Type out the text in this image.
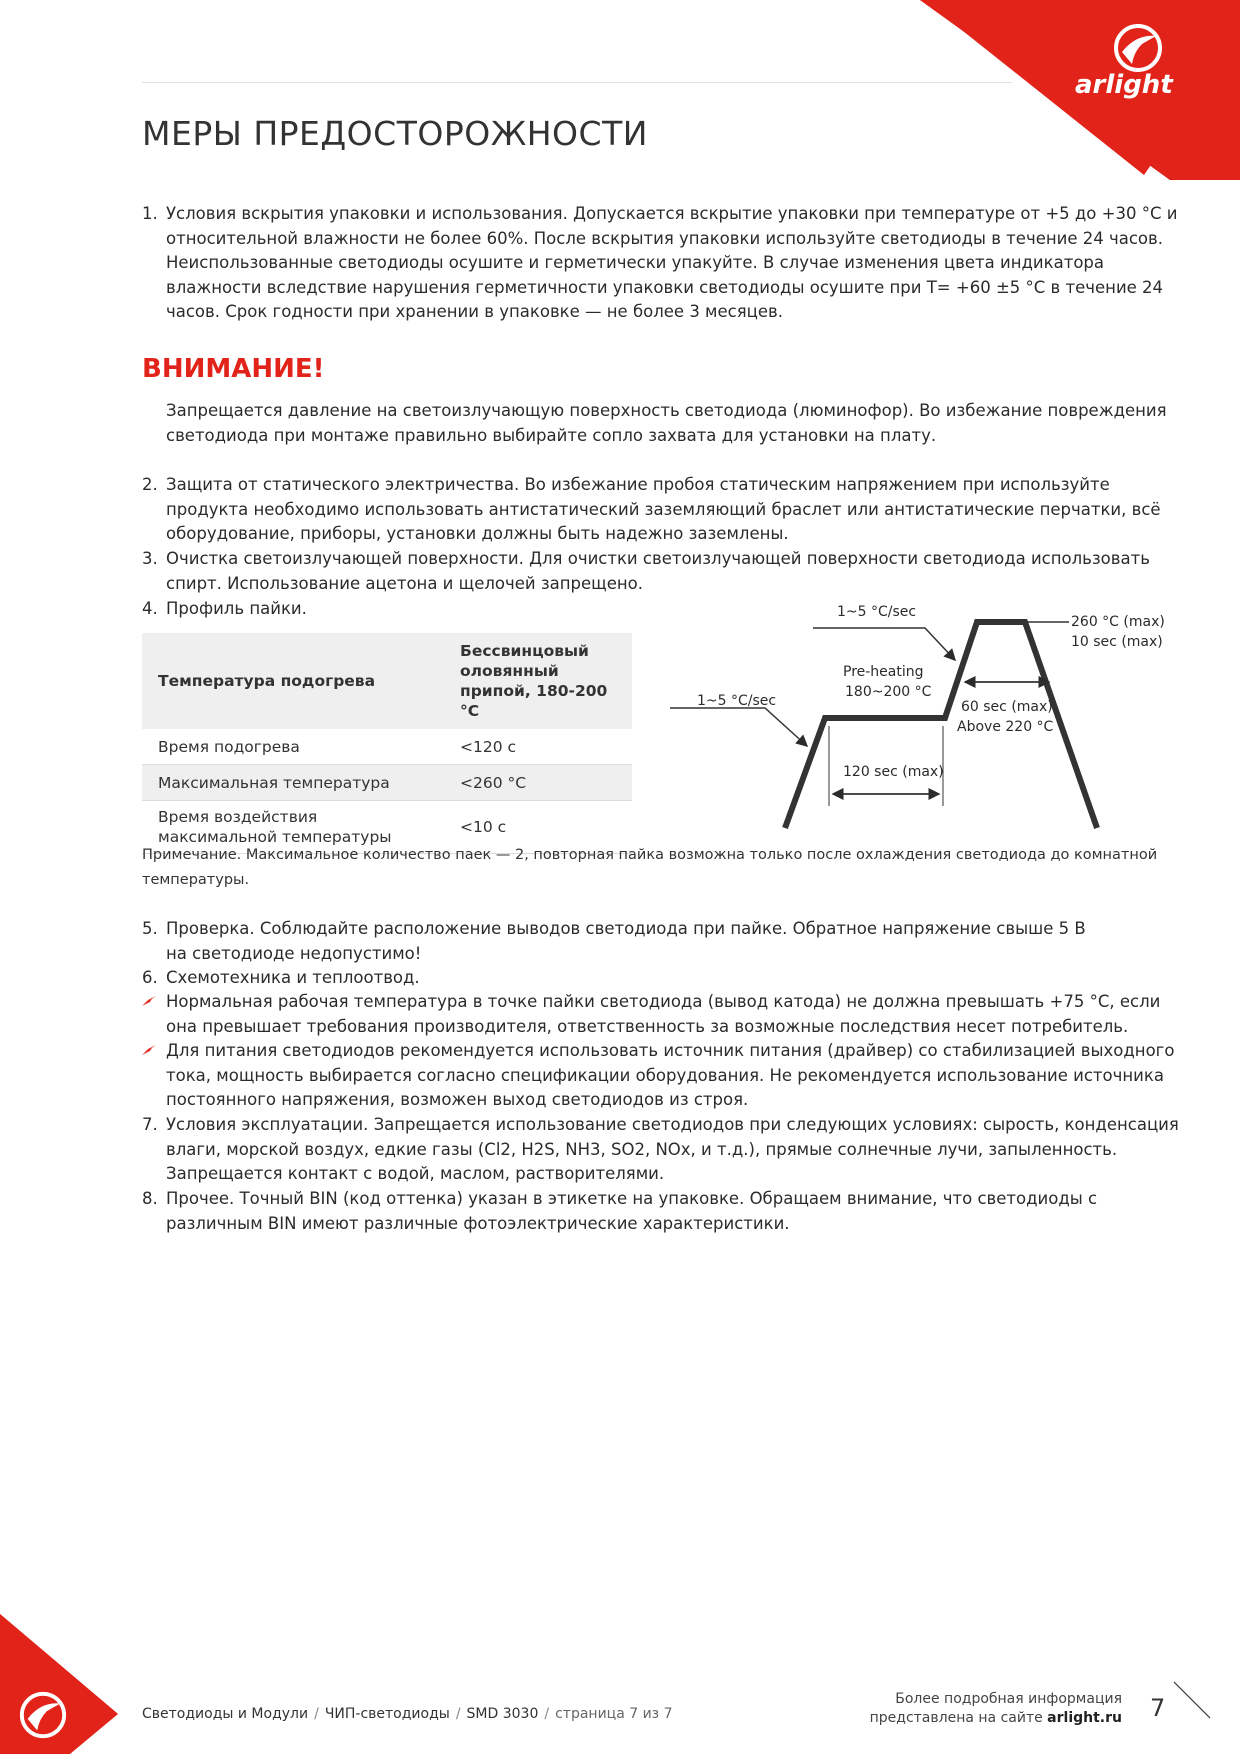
arlight
МЕРЫ ПРЕДОСТОРОЖНОСТИ
1. Условия вскрытия упаковки и использования. Допускается вскрытие упаковки при температуре от +5 до +30 °С и относительной влажности не более 60%. После вскрытия упаковки используйте светодиоды в течение 24 часов. Неиспользованные светодиоды осушите и герметически упакуйте. В случае изменения цвета индикатора влажности вследствие нарушения герметичности упаковки светодиоды осушите при T= +60 ±5 °С в течение 24 часов. Срок годности при хранении в упаковке — не более 3 месяцев.
ВНИМАНИЕ!
Запрещается давление на светоизлучающую поверхность светодиода (люминофор). Во избежание повреждения светодиода при монтаже правильно выбирайте сопло захвата для установки на плату.
2. Защита от статического электричества. Во избежание пробоя статическим напряжением при используйте продукта необходимо использовать антистатический заземляющий браслет или антистатические перчатки, всё оборудование, приборы, установки должны быть надежно заземлены.
3. Очистка светоизлучающей поверхности. Для очистки светоизлучающей поверхности светодиода использовать спирт. Использование ацетона и щелочей запрещено.
4. Профиль пайки.
Температура подогрева	Бессвинцовый оловянный припой, 180-200 °С
Время подогрева	<120 с
Максимальная температура	<260 °С
Время воздействия максимальной температуры	<10 с
1~5 °C/sec
1~5 °C/sec
Pre-heating
180~200 °C
120 sec (max)
60 sec (max)
Above 220 °C
260 °C (max)
10 sec (max)
Примечание. Максимальное количество паек — 2, повторная пайка возможна только после охлаждения светодиода до комнатной температуры.
5. Проверка. Соблюдайте расположение выводов светодиода при пайке. Обратное напряжение свыше 5 В на светодиоде недопустимо!
6. Схемотехника и теплоотвод.
Нормальная рабочая температура в точке пайки светодиода (вывод катода) не должна превышать +75 °С, если она превышает требования производителя, ответственность за возможные последствия несет потребитель.
Для питания светодиодов рекомендуется использовать источник питания (драйвер) со стабилизацией выходного тока, мощность выбирается согласно спецификации оборудования. Не рекомендуется использование источника постоянного напряжения, возможен выход светодиодов из строя.
7. Условия эксплуатации. Запрещается использование светодиодов при следующих условиях: сырость, конденсация влаги, морской воздух, едкие газы (Cl2, H2S, NH3, SO2, NOx, и т.д.), прямые солнечные лучи, запыленность. Запрещается контакт с водой, маслом, растворителями.
8. Прочее. Точный BIN (код оттенка) указан в этикетке на упаковке. Обращаем внимание, что светодиоды с различным BIN имеют различные фотоэлектрические характеристики.
Светодиоды и Модули / ЧИП-светодиоды / SMD 3030 / страница 7 из 7
Более подробная информация
представлена на сайте arlight.ru 7
